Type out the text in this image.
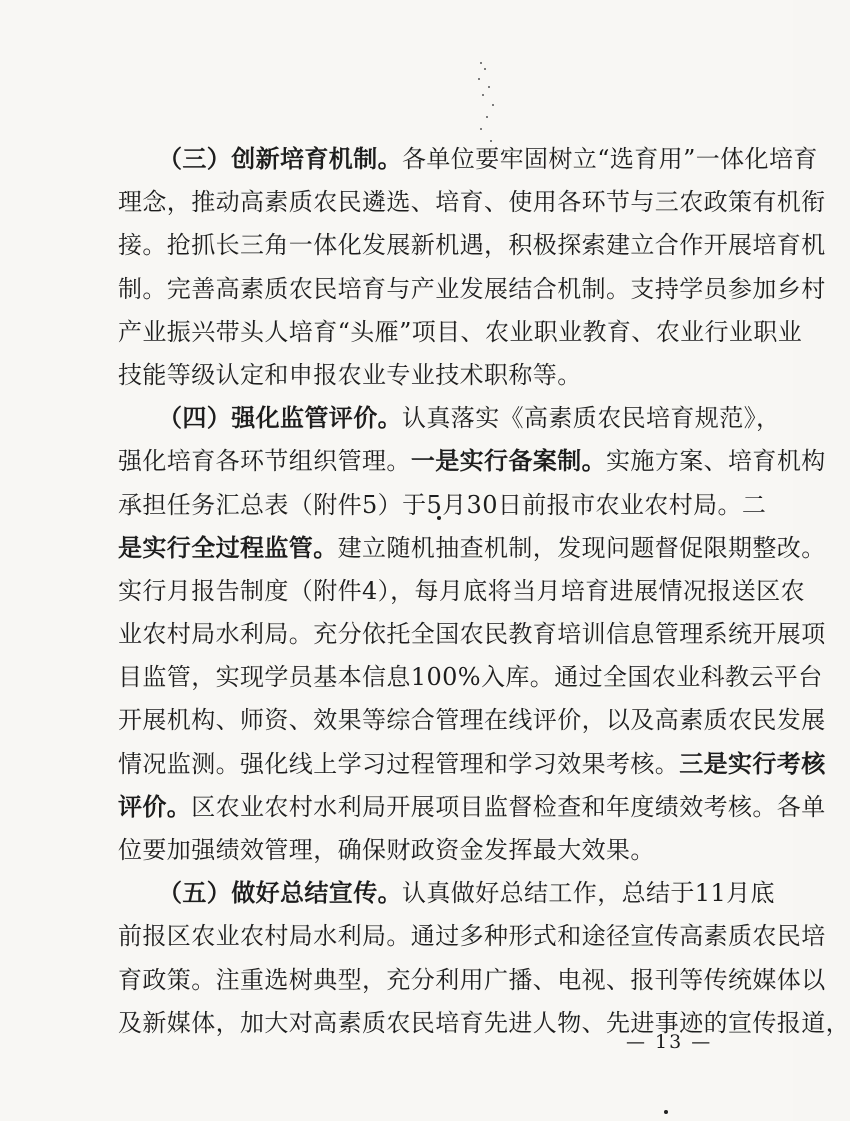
（三）创新培育机制。各单位要牢固树立“选育用”一体化培育
理念，推动高素质农民遴选、培育、使用各环节与三农政策有机衔
接。抢抓长三角一体化发展新机遇，积极探索建立合作开展培育机
制。完善高素质农民培育与产业发展结合机制。支持学员参加乡村
产业振兴带头人培育“头雁”项目、农业职业教育、农业行业职业
技能等级认定和申报农业专业技术职称等。
（四）强化监管评价。认真落实《高素质农民培育规范》，
强化培育各环节组织管理。一是实行备案制。实施方案、培育机构
承担任务汇总表（附件5）于5月30日前报市农业农村局。二
是实行全过程监管。建立随机抽查机制，发现问题督促限期整改。
实行月报告制度（附件4），每月底将当月培育进展情况报送区农
业农村局水利局。充分依托全国农民教育培训信息管理系统开展项
目监管，实现学员基本信息100%入库。通过全国农业科教云平台
开展机构、师资、效果等综合管理在线评价，以及高素质农民发展
情况监测。强化线上学习过程管理和学习效果考核。三是实行考核
评价。区农业农村水利局开展项目监督检查和年度绩效考核。各单
位要加强绩效管理，确保财政资金发挥最大效果。
（五）做好总结宣传。认真做好总结工作，总结于11月底
前报区农业农村局水利局。通过多种形式和途径宣传高素质农民培
育政策。注重选树典型，充分利用广播、电视、报刊等传统媒体以
及新媒体，加大对高素质农民培育先进人物、先进事迹的宣传报道，
— 13 —
